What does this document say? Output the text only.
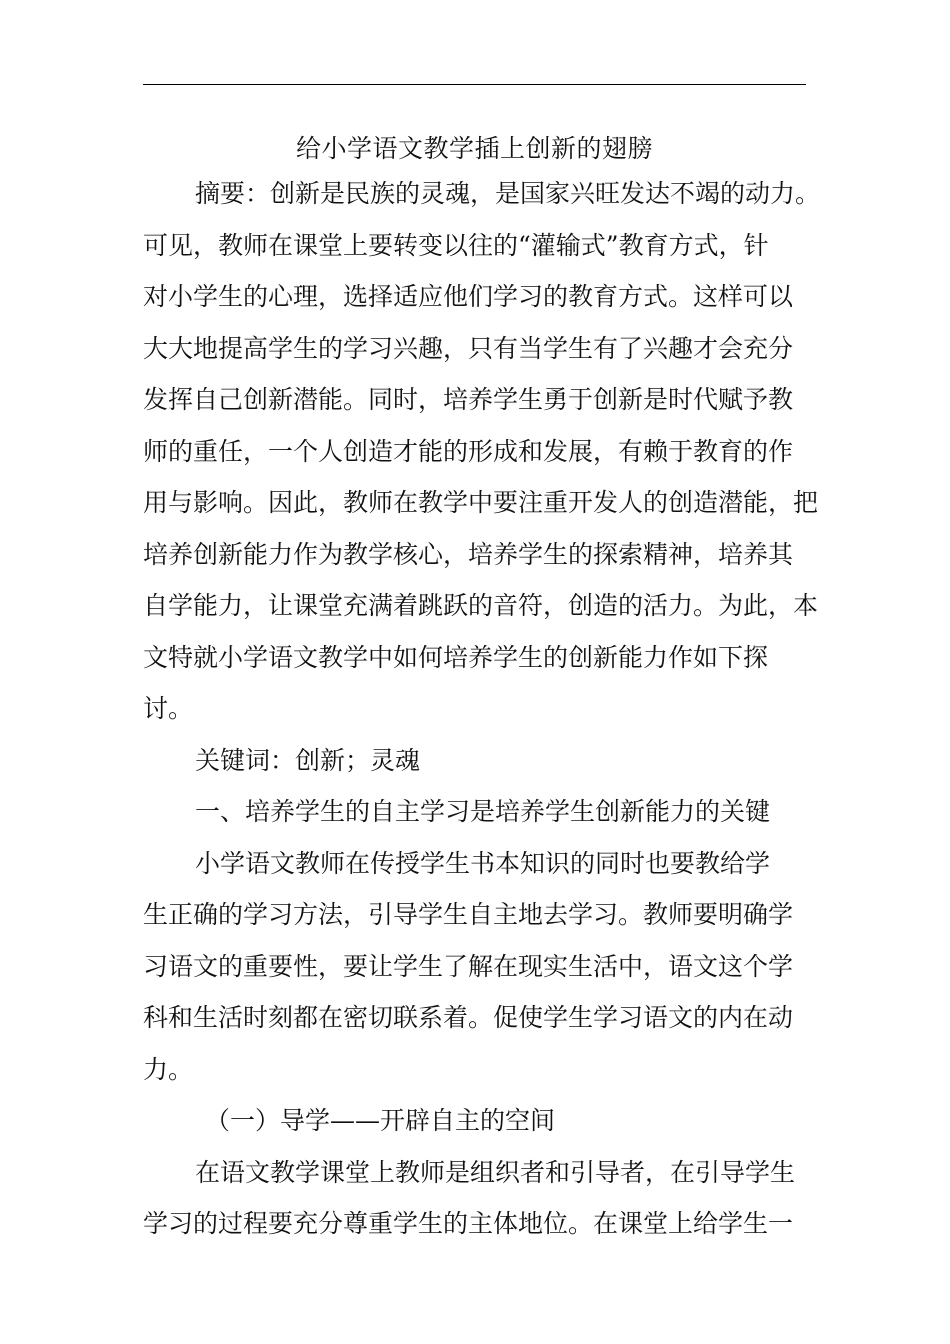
给小学语文教学插上创新的翅膀
摘要：创新是民族的灵魂，是国家兴旺发达不竭的动力。
可见，教师在课堂上要转变以往的“灌输式”教育方式，针
对小学生的心理，选择适应他们学习的教育方式。这样可以
大大地提高学生的学习兴趣，只有当学生有了兴趣才会充分
发挥自己创新潜能。同时，培养学生勇于创新是时代赋予教
师的重任，一个人创造才能的形成和发展，有赖于教育的作
用与影响。因此，教师在教学中要注重开发人的创造潜能，把
培养创新能力作为教学核心，培养学生的探索精神，培养其
自学能力，让课堂充满着跳跃的音符，创造的活力。为此，本
文特就小学语文教学中如何培养学生的创新能力作如下探
讨。
关键词：创新；灵魂
一、培养学生的自主学习是培养学生创新能力的关键
小学语文教师在传授学生书本知识的同时也要教给学
生正确的学习方法，引导学生自主地去学习。教师要明确学
习语文的重要性，要让学生了解在现实生活中，语文这个学
科和生活时刻都在密切联系着。促使学生学习语文的内在动
力。
（一）导学——开辟自主的空间
在语文教学课堂上教师是组织者和引导者，在引导学生
学习的过程要充分尊重学生的主体地位。在课堂上给学生一
